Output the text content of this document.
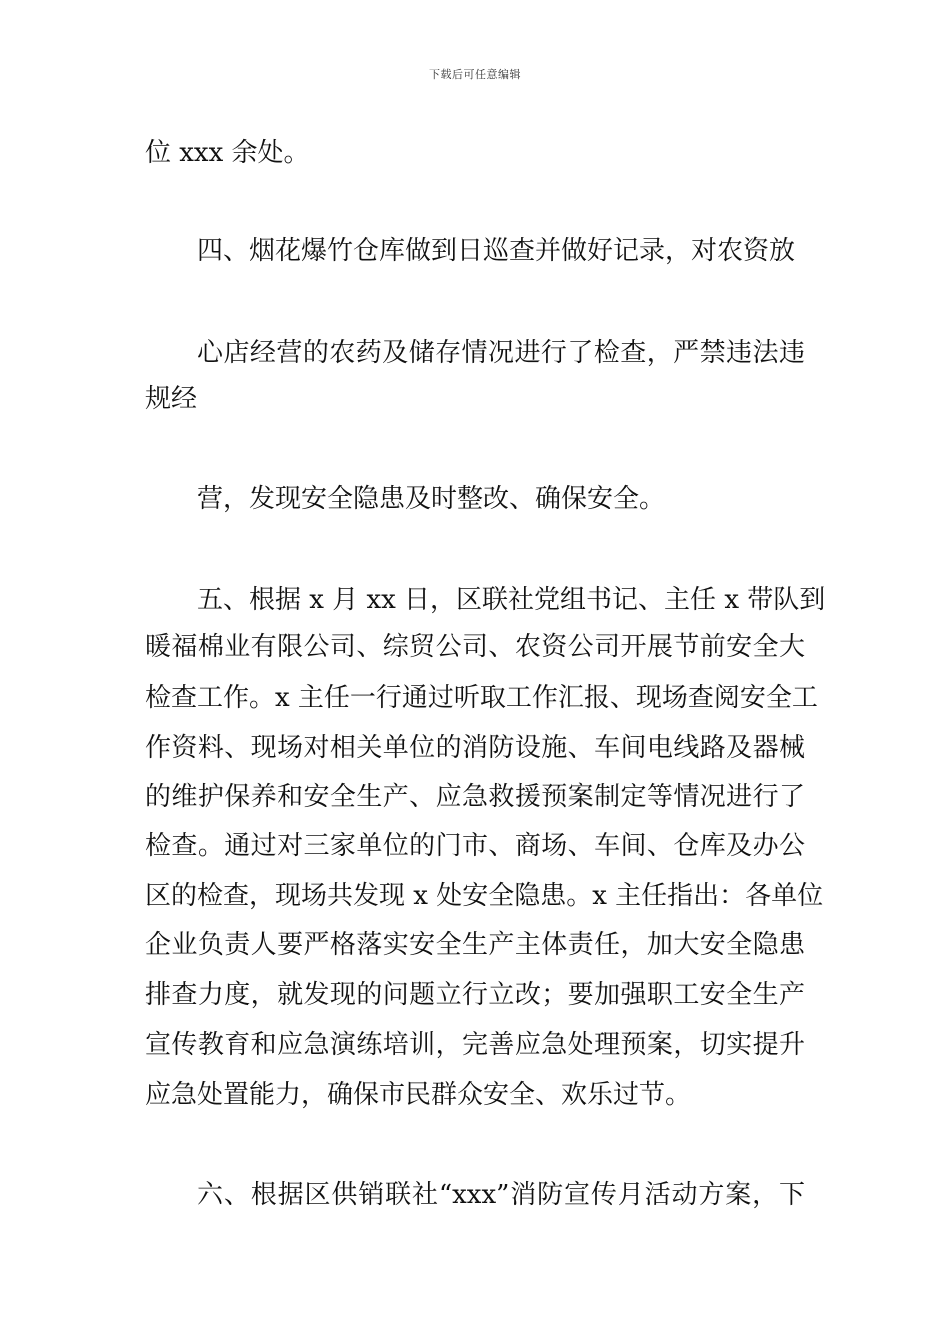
下载后可任意编辑
位 xxx 余处。
四、烟花爆竹仓库做到日巡查并做好记录，对农资放
心店经营的农药及储存情况进行了检查，严禁违法违
规经
营，发现安全隐患及时整改、确保安全。
五、根据 x 月 xx 日，区联社党组书记、主任 x 带队到
暖福棉业有限公司、综贸公司、农资公司开展节前安全大
检查工作。x 主任一行通过听取工作汇报、现场查阅安全工
作资料、现场对相关单位的消防设施、车间电线路及器械
的维护保养和安全生产、应急救援预案制定等情况进行了
检查。通过对三家单位的门市、商场、车间、仓库及办公
区的检查，现场共发现 x 处安全隐患。x 主任指出：各单位
企业负责人要严格落实安全生产主体责任，加大安全隐患
排查力度，就发现的问题立行立改；要加强职工安全生产
宣传教育和应急演练培训，完善应急处理预案，切实提升
应急处置能力，确保市民群众安全、欢乐过节。
六、根据区供销联社“xxx”消防宣传月活动方案，下
